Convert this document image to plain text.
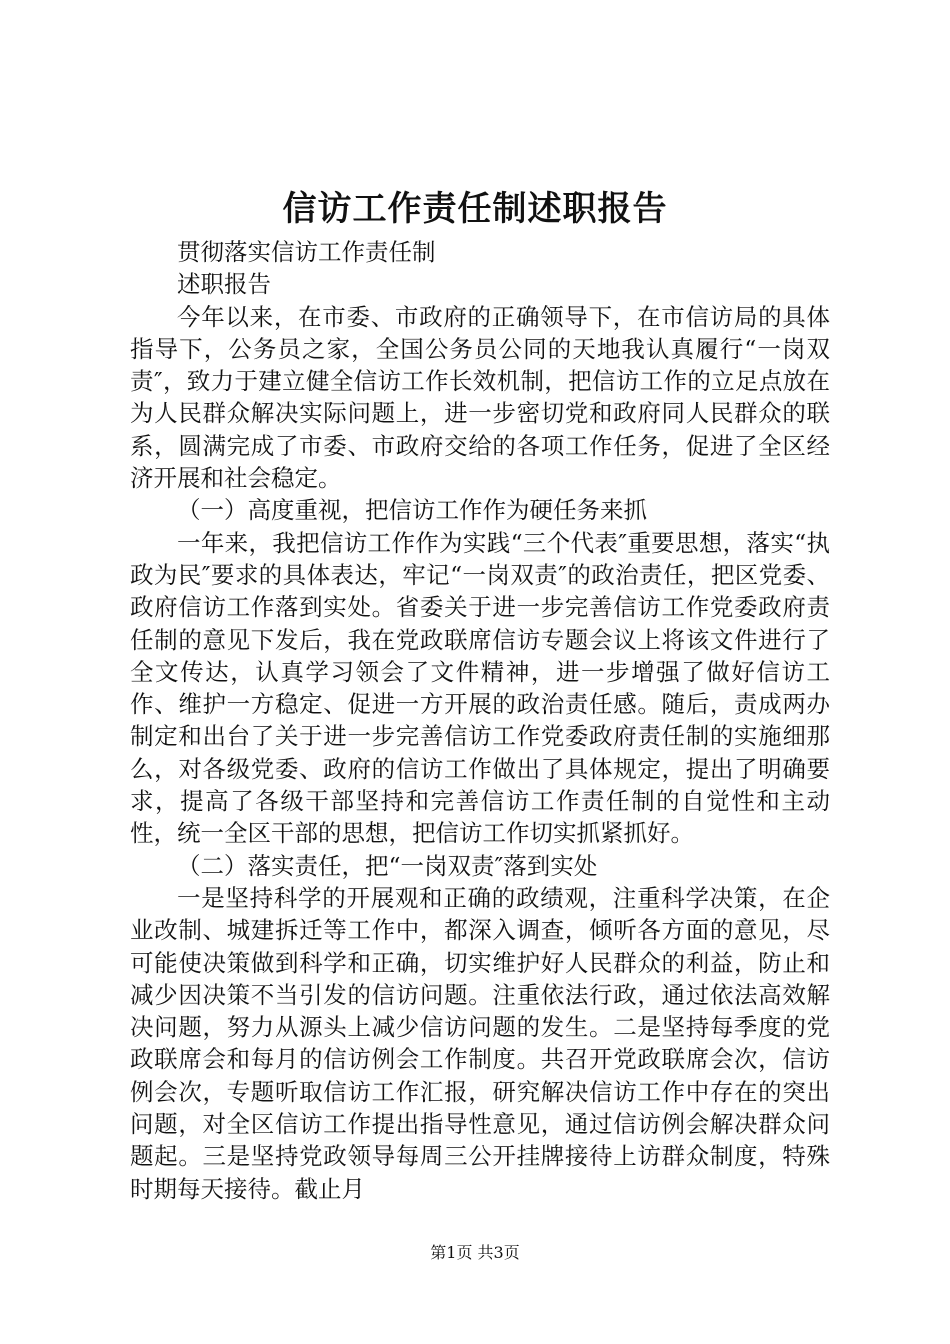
信访工作责任制述职报告

贯彻落实信访工作责任制

述职报告

今年以来，在市委、市政府的正确领导下，在市信访局的具体指导下，公务员之家，全国公务员公同的天地我认真履行“一岗双责″，致力于建立健全信访工作长效机制，把信访工作的立足点放在为人民群众解决实际问题上，进一步密切党和政府同人民群众的联系，圆满完成了市委、市政府交给的各项工作任务，促进了全区经济开展和社会稳定。

（一）高度重视，把信访工作作为硬任务来抓

一年来，我把信访工作作为实践“三个代表″重要思想，落实“执政为民″要求的具体表达，牢记“一岗双责″的政治责任，把区党委、政府信访工作落到实处。省委关于进一步完善信访工作党委政府责任制的意见下发后，我在党政联席信访专题会议上将该文件进行了全文传达，认真学习领会了文件精神，进一步增强了做好信访工作、维护一方稳定、促进一方开展的政治责任感。随后，责成两办制定和出台了关于进一步完善信访工作党委政府责任制的实施细那么，对各级党委、政府的信访工作做出了具体规定，提出了明确要求，提高了各级干部坚持和完善信访工作责任制的自觉性和主动性，统一全区干部的思想，把信访工作切实抓紧抓好。

（二）落实责任，把“一岗双责″落到实处

一是坚持科学的开展观和正确的政绩观，注重科学决策，在企业改制、城建拆迁等工作中，都深入调查，倾听各方面的意见，尽可能使决策做到科学和正确，切实维护好人民群众的利益，防止和减少因决策不当引发的信访问题。注重依法行政，通过依法高效解决问题，努力从源头上减少信访问题的发生。二是坚持每季度的党政联席会和每月的信访例会工作制度。共召开党政联席会次，信访例会次，专题听取信访工作汇报，研究解决信访工作中存在的突出问题，对全区信访工作提出指导性意见，通过信访例会解决群众问题起。三是坚持党政领导每周三公开挂牌接待上访群众制度，特殊时期每天接待。截止月

第1页 共3页
